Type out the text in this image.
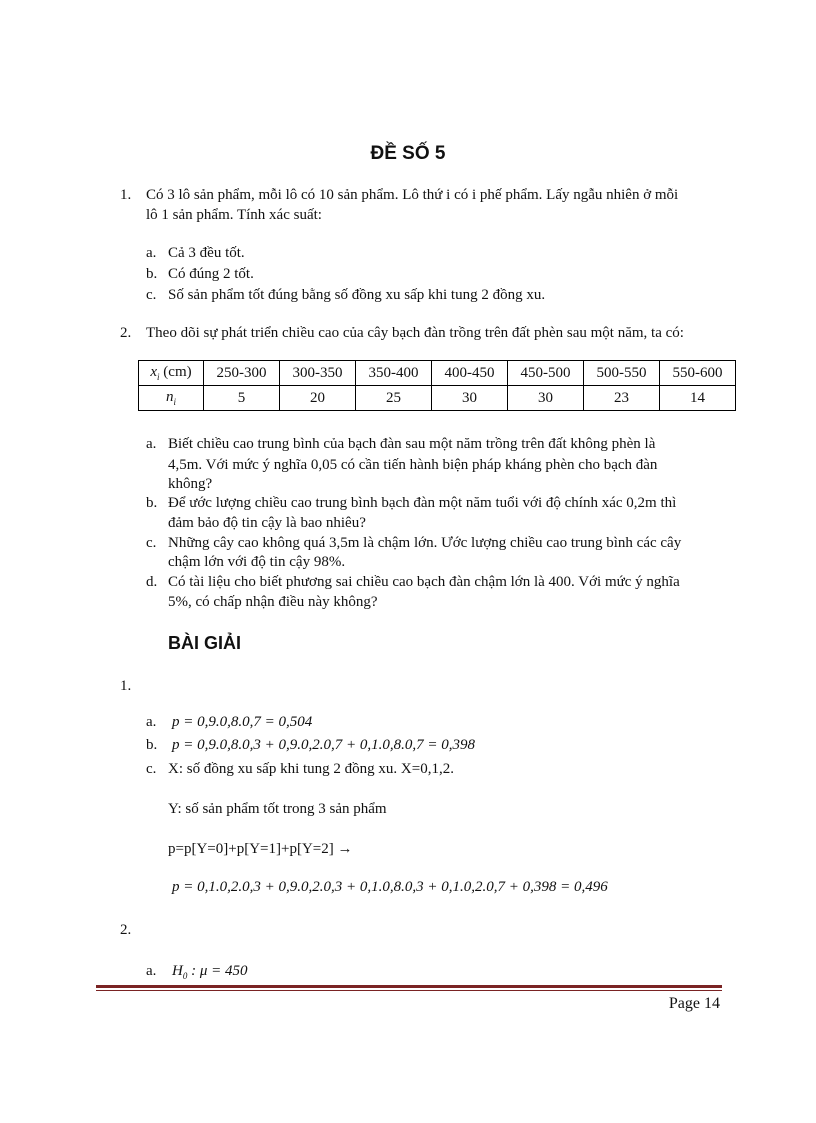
ĐỀ SỐ 5
1. Có 3 lô sản phẩm, mỗi lô có 10 sản phẩm. Lô thứ i có i phế phẩm. Lấy ngẫu nhiên ở mỗi
lô 1 sản phẩm. Tính xác suất:
a. Cả 3 đều tốt.
b. Có đúng 2 tốt.
c. Số sản phẩm tốt đúng bằng số đồng xu sấp khi tung 2 đồng xu.
2. Theo dõi sự phát triển chiều cao của cây bạch đàn trồng trên đất phèn sau một năm, ta có:
$x_i$ (cm)	250-300	300-350	350-400	400-450	450-500	500-550	550-600
$n_i$	5	20	25	30	30	23	14
a. Biết chiều cao trung bình của bạch đàn sau một năm trồng trên đất không phèn là
4,5m. Với mức ý nghĩa 0,05 có cần tiến hành biện pháp kháng phèn cho bạch đàn
không?
b. Để ước lượng chiều cao trung bình bạch đàn một năm tuổi với độ chính xác 0,2m thì
đảm bảo độ tin cậy là bao nhiêu?
c. Những cây cao không quá 3,5m là chậm lớn. Ước lượng chiều cao trung bình các cây
chậm lớn với độ tin cậy 98%.
d. Có tài liệu cho biết phương sai chiều cao bạch đàn chậm lớn là 400. Với mức ý nghĩa
5%, có chấp nhận điều này không?
BÀI GIẢI
1.
a. p = 0,9.0,8.0,7 = 0,504
b. p = 0,9.0,8.0,3 + 0,9.0,2.0,7 + 0,1.0,8.0,7 = 0,398
c. X: số đồng xu sấp khi tung 2 đồng xu. X=0,1,2.
Y: số sản phẩm tốt trong 3 sản phẩm
p=p[Y=0]+p[Y=1]+p[Y=2] →
p = 0,1.0,2.0,3 + 0,9.0,2.0,3 + 0,1.0,8.0,3 + 0,1.0,2.0,7 + 0,398 = 0,496
2.
a. $H_0$ : μ = 450
Page 14
